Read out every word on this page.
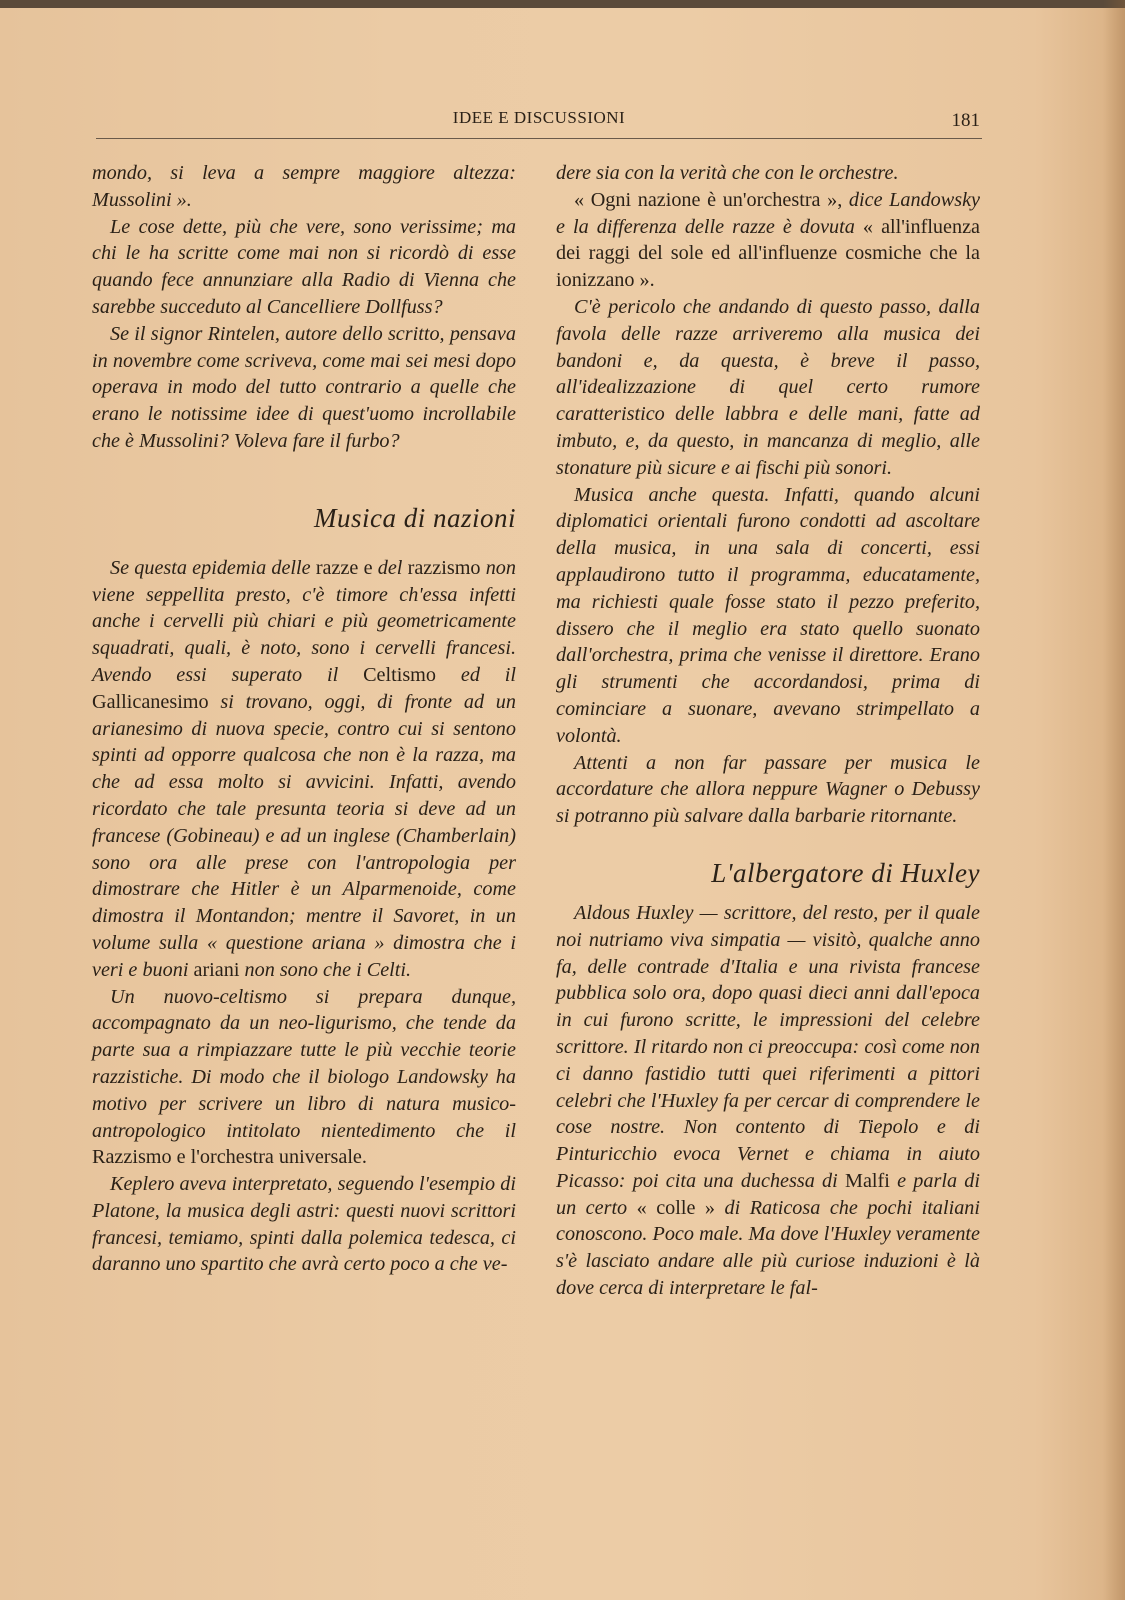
IDEE E DISCUSSIONI	181

mondo, si leva a sempre maggiore altezza: Mussolini ».

Le cose dette, più che vere, sono verissime; ma chi le ha scritte come mai non si ricordò di esse quando fece annunziare alla Radio di Vienna che sarebbe succeduto al Cancelliere Dollfuss?

Se il signor Rintelen, autore dello scritto, pensava in novembre come scriveva, come mai sei mesi dopo operava in modo del tutto contrario a quelle che erano le notissime idee di quest'uomo incrollabile che è Mussolini? Voleva fare il furbo?

Musica di nazioni

Se questa epidemia delle razze e del razzismo non viene seppellita presto, c'è timore ch'essa infetti anche i cervelli più chiari e più geometricamente squadrati, quali, è noto, sono i cervelli francesi. Avendo essi superato il Celtismo ed il Gallicanesimo si trovano, oggi, di fronte ad un arianesimo di nuova specie, contro cui si sentono spinti ad opporre qualcosa che non è la razza, ma che ad essa molto si avvicini. Infatti, avendo ricordato che tale presunta teoria si deve ad un francese (Gobineau) e ad un inglese (Chamberlain) sono ora alle prese con l'antropologia per dimostrare che Hitler è un Alparmenoide, come dimostra il Montandon; mentre il Savoret, in un volume sulla « questione ariana » dimostra che i veri e buoni ariani non sono che i Celti.

Un nuovo-celtismo si prepara dunque, accompagnato da un neo-ligurismo, che tende da parte sua a rimpiazzare tutte le più vecchie teorie razzistiche. Di modo che il biologo Landowsky ha motivo per scrivere un libro di natura musico-antropologico intitolato nientedimento che il Razzismo e l'orchestra universale.

Keplero aveva interpretato, seguendo l'esempio di Platone, la musica degli astri: questi nuovi scrittori francesi, temiamo, spinti dalla polemica tedesca, ci daranno uno spartito che avrà certo poco a che ve-

dere sia con la verità che con le orchestre.

« Ogni nazione è un'orchestra », dice Landowsky e la differenza delle razze è dovuta « all'influenza dei raggi del sole ed all'influenze cosmiche che la ionizzano ».

C'è pericolo che andando di questo passo, dalla favola delle razze arriveremo alla musica dei bandoni e, da questa, è breve il passo, all'idealizzazione di quel certo rumore caratteristico delle labbra e delle mani, fatte ad imbuto, e, da questo, in mancanza di meglio, alle stonature più sicure e ai fischi più sonori.

Musica anche questa. Infatti, quando alcuni diplomatici orientali furono condotti ad ascoltare della musica, in una sala di concerti, essi applaudirono tutto il programma, educatamente, ma richiesti quale fosse stato il pezzo preferito, dissero che il meglio era stato quello suonato dall'orchestra, prima che venisse il direttore. Erano gli strumenti che accordandosi, prima di cominciare a suonare, avevano strimpellato a volontà.

Attenti a non far passare per musica le accordature che allora neppure Wagner o Debussy si potranno più salvare dalla barbarie ritornante.

L'albergatore di Huxley

Aldous Huxley — scrittore, del resto, per il quale noi nutriamo viva simpatia — visitò, qualche anno fa, delle contrade d'Italia e una rivista francese pubblica solo ora, dopo quasi dieci anni dall'epoca in cui furono scritte, le impressioni del celebre scrittore. Il ritardo non ci preoccupa: così come non ci danno fastidio tutti quei riferimenti a pittori celebri che l'Huxley fa per cercar di comprendere le cose nostre. Non contento di Tiepolo e di Pinturicchio evoca Vernet e chiama in aiuto Picasso: poi cita una duchessa di Malfi e parla di un certo « colle » di Raticosa che pochi italiani conoscono. Poco male. Ma dove l'Huxley veramente s'è lasciato andare alle più curiose induzioni è là dove cerca di interpretare le fal-
